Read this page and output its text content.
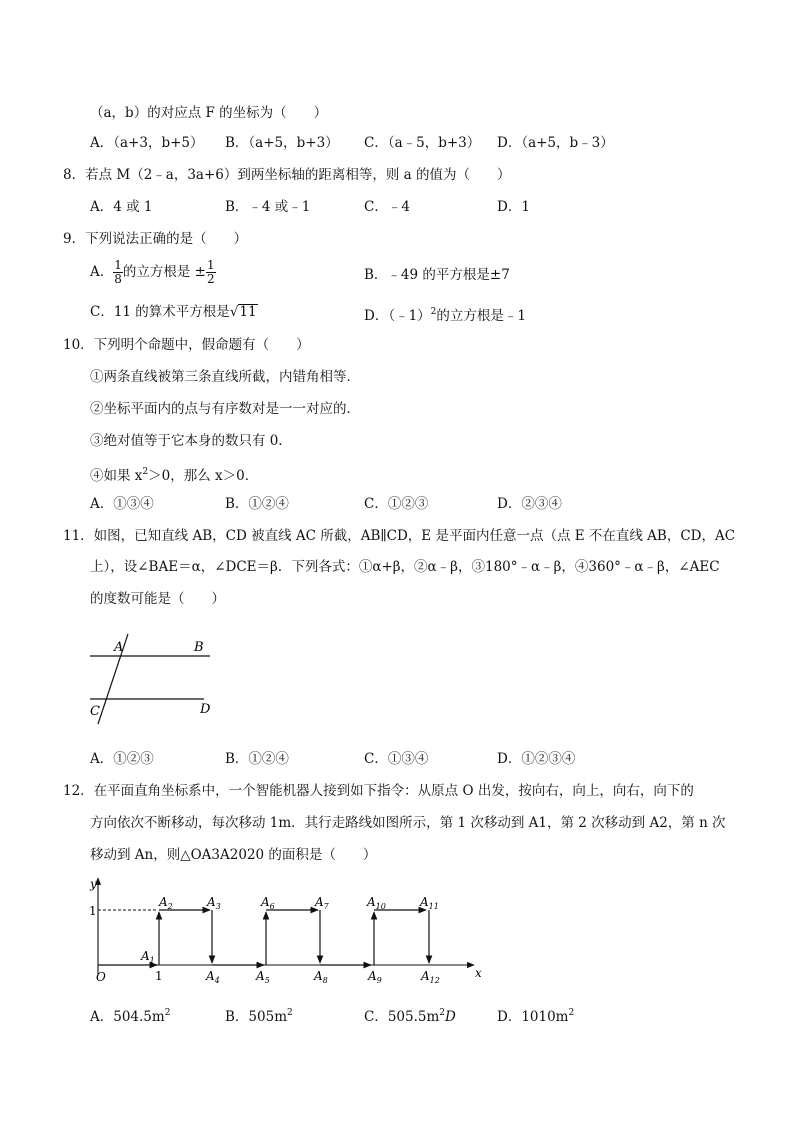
（a，b）的对应点 F 的坐标为（　　）
A．（a+3，b+5） B．（a+5，b+3） C．（a﹣5，b+3） D．（a+5，b﹣3）
8．若点 M（2﹣a，3a+6）到两坐标轴的距离相等，则 a 的值为（　　）
A．4 或 1	B．﹣4 或﹣1	C．﹣4	D．1
9．下列说法正确的是（　　）
A． $\frac{1}{8}$ 的立方根是 ± $\frac{1}{2}$	B．﹣49 的平方根是±7
C．11 的算术平方根是√11	D．（﹣1）$^2$的立方根是﹣1
10．下列明个命题中，假命题有（　　）
①两条直线被第三条直线所截，内错角相等．
②坐标平面内的点与有序数对是一一对应的．
③绝对值等于它本身的数只有 0．
④如果 $x^2>0$，那么 x＞0．
A．①③④	B．①②④	C．①②③	D．②③④
11．如图，已知直线 AB，CD 被直线 AC 所截，AB∥CD，E 是平面内任意一点（点 E 不在直线 AB，CD，AC
上），设∠BAE＝α，∠DCE＝β．下列各式：①α+β，②α﹣β，③180°﹣α﹣β，④360°﹣α﹣β，∠AEC
的度数可能是（　　）
A	B
C	D
A．①②③	B．①②④	C．①③④	D．①②③④
12．在平面直角坐标系中，一个智能机器人接到如下指令：从原点 O 出发，按向右，向上，向右，向下的
方向依次不断移动，每次移动 1m．其行走路线如图所示，第 1 次移动到 A1，第 2 次移动到 A2，第 n 次
移动到 An，则△OA3A2020 的面积是（　　）
y
x
O
1
1
$A_1$
$A_2$	$A_3$
$A_4$	$A_5$
$A_6$	$A_7$
$A_8$	$A_9$
$A_{10}$	$A_{11}$
$A_{12}$
A．$504.5m^2$	B．$505m^2$	C．$505.5m^2D$	D．$1010m^2$
